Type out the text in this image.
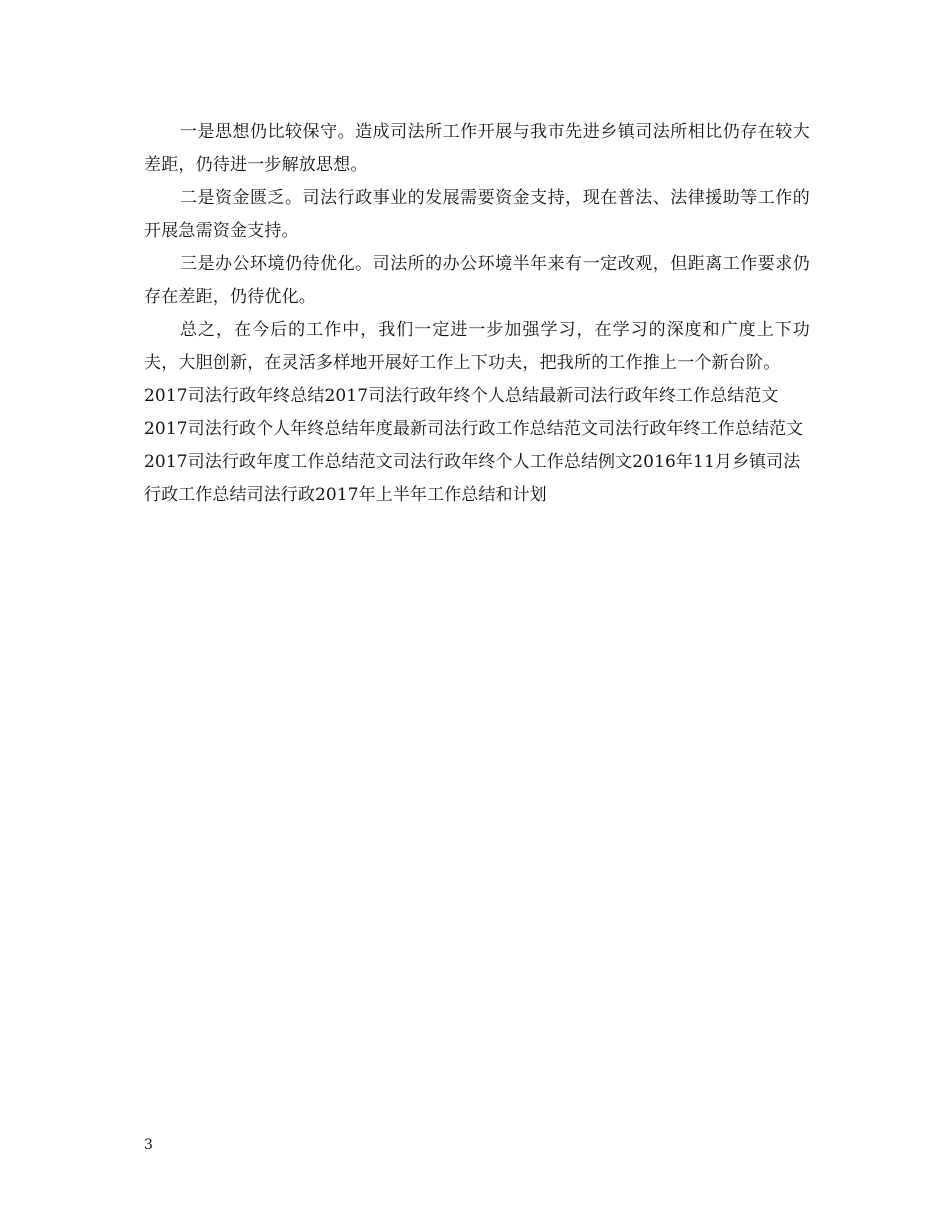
一是思想仍比较保守。造成司法所工作开展与我市先进乡镇司法所相比仍存在较大差距，仍待进一步解放思想。

二是资金匮乏。司法行政事业的发展需要资金支持，现在普法、法律援助等工作的开展急需资金支持。

三是办公环境仍待优化。司法所的办公环境半年来有一定改观，但距离工作要求仍存在差距，仍待优化。

总之，在今后的工作中，我们一定进一步加强学习，在学习的深度和广度上下功夫，大胆创新，在灵活多样地开展好工作上下功夫，把我所的工作推上一个新台阶。

2017司法行政年终总结2017司法行政年终个人总结最新司法行政年终工作总结范文2017司法行政个人年终总结年度最新司法行政工作总结范文司法行政年终工作总结范文2017司法行政年度工作总结范文司法行政年终个人工作总结例文2016年11月乡镇司法行政工作总结司法行政2017年上半年工作总结和计划

3
